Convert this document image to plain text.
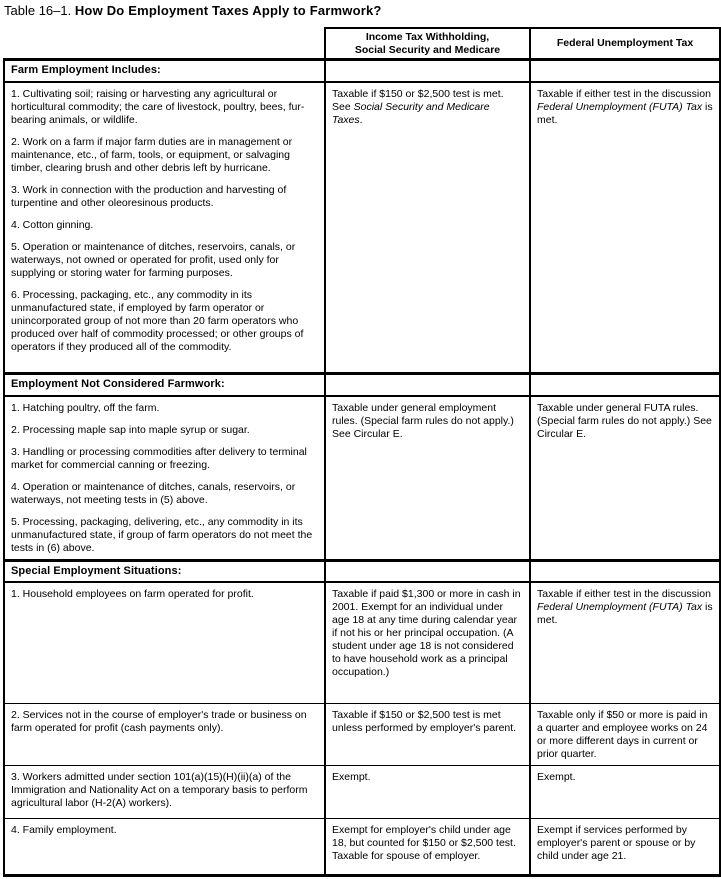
Table 16–1. How Do Employment Taxes Apply to Farmwork?

	Income Tax Withholding,
Social Security and Medicare	Federal Unemployment Tax
Farm Employment Includes:		

1. Cultivating soil; raising or harvesting any agricultural or horticultural commodity; the care of livestock, poultry, bees, fur-bearing animals, or wildlife.

2. Work on a farm if major farm duties are in management or maintenance, etc., of farm, tools, or equipment, or salvaging timber, clearing brush and other debris left by hurricane.

3. Work in connection with the production and harvesting of turpentine and other oleoresinous products.

4. Cotton ginning.

5. Operation or maintenance of ditches, reservoirs, canals, or waterways, not owned or operated for profit, used only for supplying or storing water for farming purposes.

6. Processing, packaging, etc., any commodity in its unmanufactured state, if employed by farm operator or unincorporated group of not more than 20 farm operators who produced over half of commodity processed; or other groups of operators if they produced all of the commodity.

	Taxable if $150 or $2,500 test is met. See Social Security and Medicare Taxes.	Taxable if either test in the discussion Federal Unemployment (FUTA) Tax is met.
Employment Not Considered Farmwork:		

1. Hatching poultry, off the farm.

2. Processing maple sap into maple syrup or sugar.

3. Handling or processing commodities after delivery to terminal market for commercial canning or freezing.

4. Operation or maintenance of ditches, canals, reservoirs, or waterways, not meeting tests in (5) above.

5. Processing, packaging, delivering, etc., any commodity in its unmanufactured state, if group of farm operators do not meet the tests in (6) above.	Taxable under general employment rules. (Special farm rules do not apply.) See Circular E.	Taxable under general FUTA rules. (Special farm rules do not apply.) See Circular E.
Special Employment Situations:		
1. Household employees on farm operated for profit.	Taxable if paid $1,300 or more in cash in 2001. Exempt for an individual under age 18 at any time during calendar year if not his or her principal occupation. (A student under age 18 is not considered to have household work as a principal occupation.)	Taxable if either test in the discussion Federal Unemployment (FUTA) Tax is met.
2. Services not in the course of employer's trade or business on farm operated for profit (cash payments only).	Taxable if $150 or $2,500 test is met unless performed by employer's parent.	Taxable only if $50 or more is paid in a quarter and employee works on 24 or more different days in current or prior quarter.
3. Workers admitted under section 101(a)(15)(H)(ii)(a) of the Immigration and Nationality Act on a temporary basis to perform agricultural labor (H-2(A) workers).	Exempt.	Exempt.
4. Family employment.	Exempt for employer's child under age 18, but counted for $150 or $2,500 test. Taxable for spouse of employer.	Exempt if services performed by employer's parent or spouse or by child under age 21.
